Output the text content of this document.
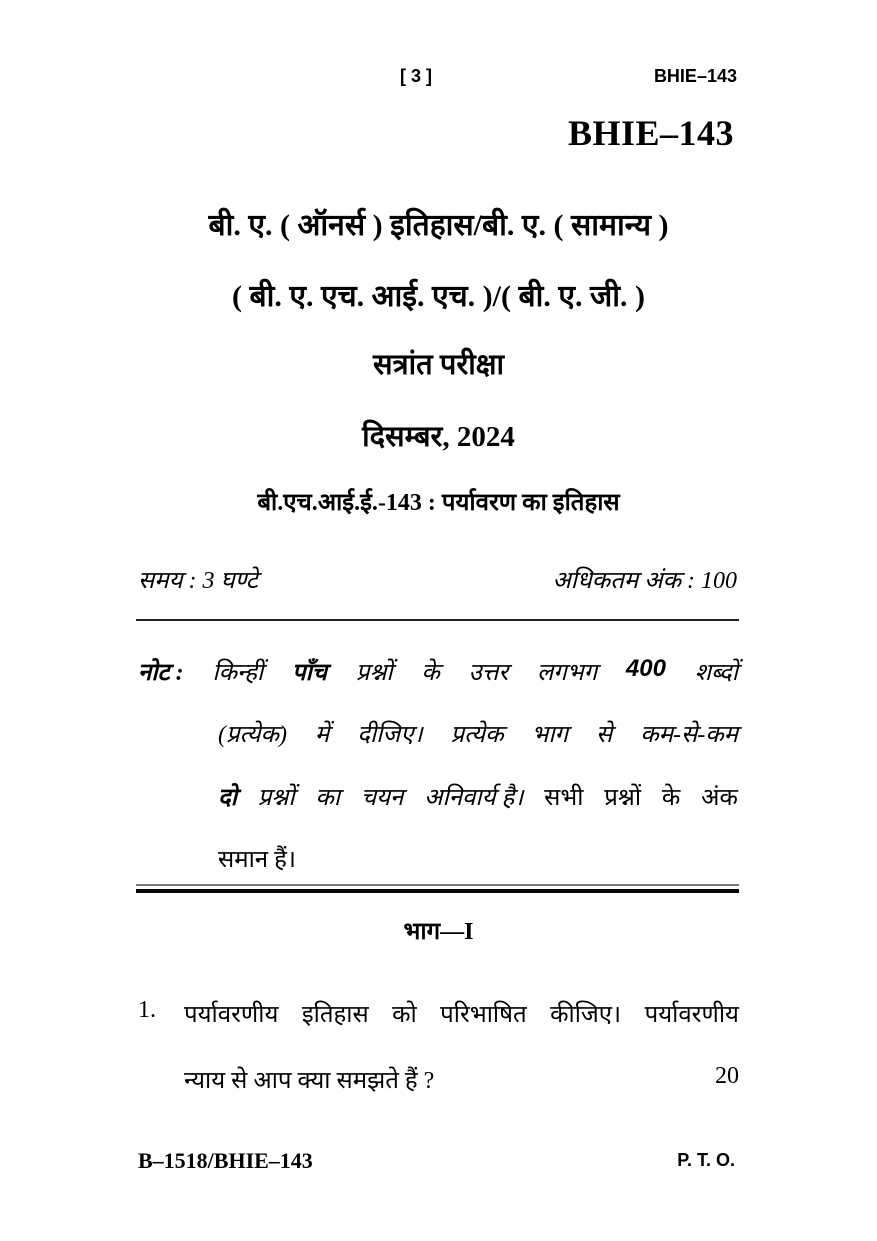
[ 3 ]	BHIE–143
BHIE–143
बी. ए. ( ऑनर्स ) इतिहास/बी. ए. ( सामान्य )
( बी. ए. एच. आई. एच. )/( बी. ए. जी. )
सत्रांत परीक्षा
दिसम्बर, 2024
बी.एच.आई.ई.-143 : पर्यावरण का इतिहास
समय : 3 घण्टे	अधिकतम अंक : 100
नोट : किन्हीं पाँच प्रश्नों के उत्तर लगभग 400 शब्दों
(प्रत्येक) में दीजिए। प्रत्येक भाग से कम-से-कम
दो प्रश्नों का चयन अनिवार्य है। सभी प्रश्नों के अंक
समान हैं।
भाग—I
1. पर्यावरणीय इतिहास को परिभाषित कीजिए। पर्यावरणीय
न्याय से आप क्या समझते हैं ?	20
B–1518/BHIE–143	P. T. O.
